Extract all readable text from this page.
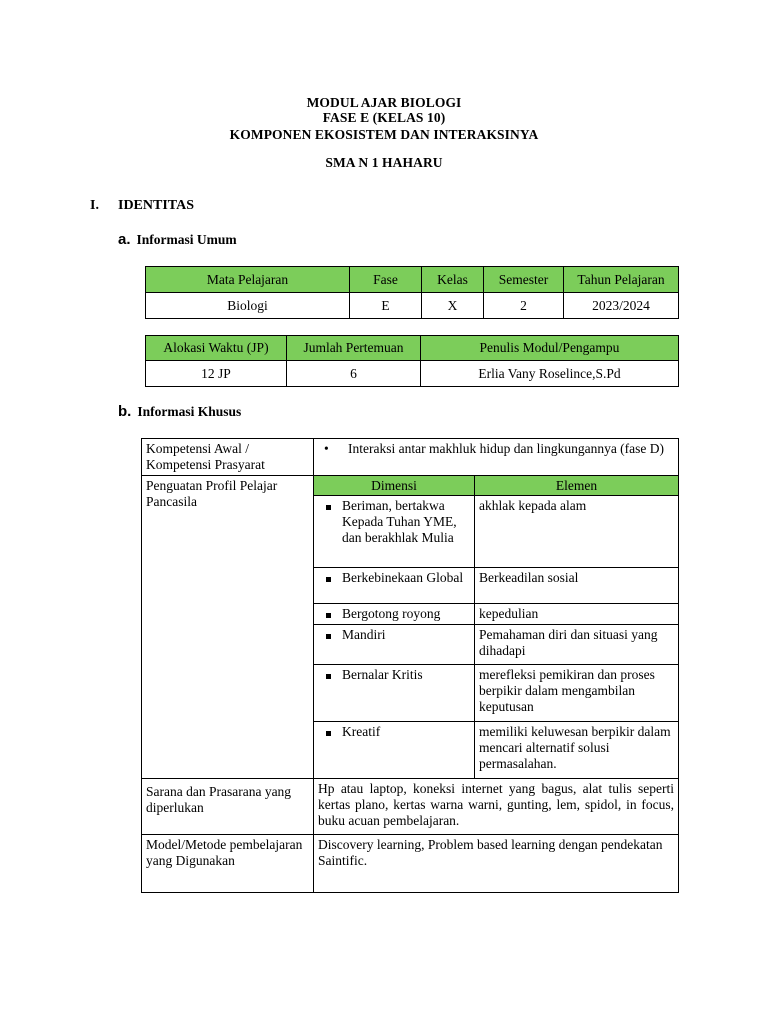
MODUL AJAR BIOLOGI
FASE E (KELAS 10)
KOMPONEN EKOSISTEM DAN INTERAKSINYA
SMA N 1 HAHARU
I. IDENTITAS
a. Informasi Umum
Mata Pelajaran	Fase	Kelas	Semester	Tahun Pelajaran
Biologi	E	X	2	2023/2024
Alokasi Waktu (JP)	Jumlah Pertemuan	Penulis Modul/Pengampu
12 JP	6	Erlia Vany Roselince,S.Pd
b. Informasi Khusus
Kompetensi Awal / Kompetensi Prasyarat	• Interaksi antar makhluk hidup dan lingkungannya (fase D)	

Penguatan Profil Pelajar Pancasila	Dimensi	Elemen

	Beriman, bertakwa Kepada Tuhan YME, dan berakhlak Mulia	akhlak kepada alam

	Berkebinekaan Global	Berkeadilan sosial

	Bergotong royong	kepedulian

	Mandiri	Pemahaman diri dan situasi yang dihadapi

	Bernalar Kritis	merefleksi pemikiran dan proses berpikir dalam mengambilan keputusan

	Kreatif	memiliki keluwesan berpikir dalam mencari alternatif solusi permasalahan.
Sarana dan Prasarana yang diperlukan	Hp atau laptop, koneksi internet yang bagus, alat tulis seperti kertas plano, kertas warna warni, gunting, lem, spidol, in focus, buku acuan pembelajaran.	
Model/Metode pembelajaran yang Digunakan	Discovery learning, Problem based learning dengan pendekatan Saintific.	
